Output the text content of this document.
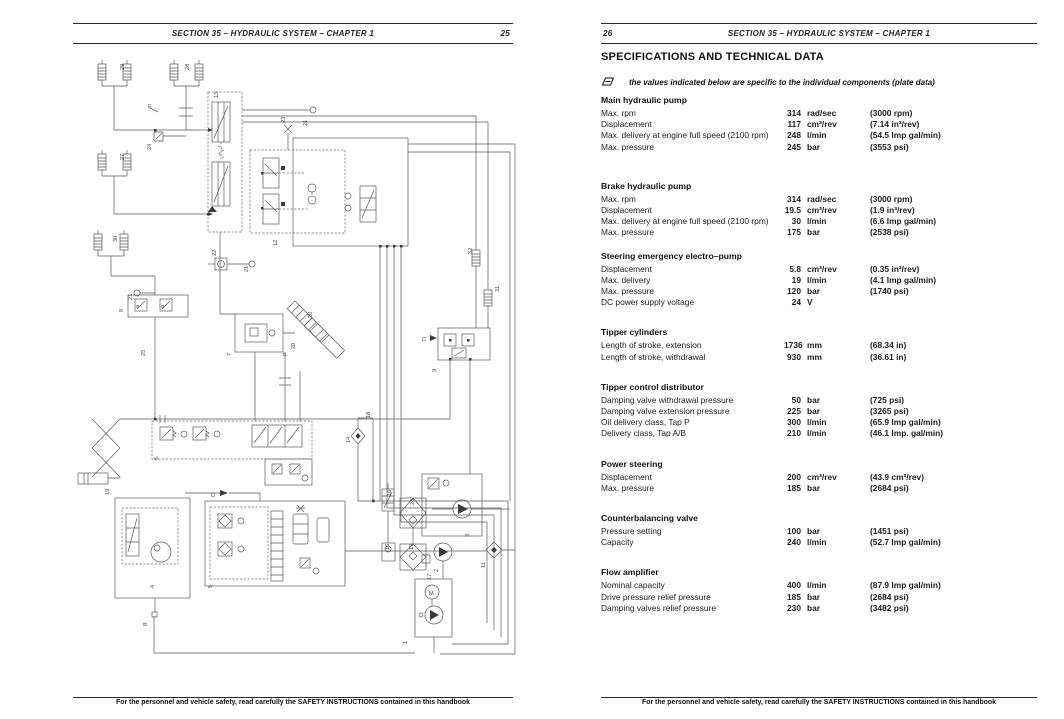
SECTION 35 – HYDRAULIC SYSTEM – CHAPTER 1	25
29	28
27
30
E
24
13
21
23
22
12
21
21
8
a	a
25	7
20
20
P
9
C
32
31
18
14
10
26
3
16	15
17
2
11
1
19
6
4	5
D
B
M
For the personnel and vehicle safety, read carefully the SAFETY INSTRUCTIONS contained in this handbook
26	SECTION 35 – HYDRAULIC SYSTEM – CHAPTER 1
SPECIFICATIONS AND TECHNICAL DATA
the values indicated below are specific to the individual components (plate data)
Main hydraulic pump
Max. rpm	314 rad/sec	(3000 rpm)
Displacement	117 cm³/rev	(7.14 in³/rev)
Max. delivery at engine full speed (2100 rpm)	248 l/min	(54.5 Imp gal/min)
Max. pressure	245 bar	(3553 psi)
Brake hydraulic pump
Max. rpm	314 rad/sec	(3000 rpm)
Displacement	19.5 cm³/rev	(1.9 in³/rev)
Max. delivery at engine full speed (2100 rpm)	30 l/min	(6.6 Imp gal/min)
Max. pressure	175 bar	(2538 psi)
Steering emergency electro–pump
Displacement	5.8 cm³/rev	(0.35 in³/rev)
Max. delivery	19 l/min	(4.1 Imp gal/min)
Max. pressure	120 bar	(1740 psi)
DC power supply voltage	24 V
Tipper cylinders
Length of stroke, extension	1736 mm	(68.34 in)
Length of stroke, withdrawal	930 mm	(36.61 in)
Tipper control distributor
Damping valve withdrawal pressure	50 bar	(725 psi)
Damping valve extension pressure	225 bar	(3265 psi)
Oil delivery class, Tap P	300 l/min	(65.9 Imp gal/min)
Delivery class, Tap A/B	210 l/min	(46.1 Imp. gal/min)
Power steering
Displacement	200 cm³/rev	(43.9 cm³/rev)
Max. pressure	185 bar	(2684 psi)
Counterbalancing valve
Pressure setting	100 bar	(1451 psi)
Capacity	240 l/min	(52.7 Imp gal/min)
Flow amplifier
Nominal capacity	400 l/min	(87.9 Imp gal/min)
Drive pressure relief pressure	185 bar	(2684 psi)
Damping valves relief pressure	230 bar	(3482 psi)
For the personnel and vehicle safety, read carefully the SAFETY INSTRUCTIONS contained in this handbook
